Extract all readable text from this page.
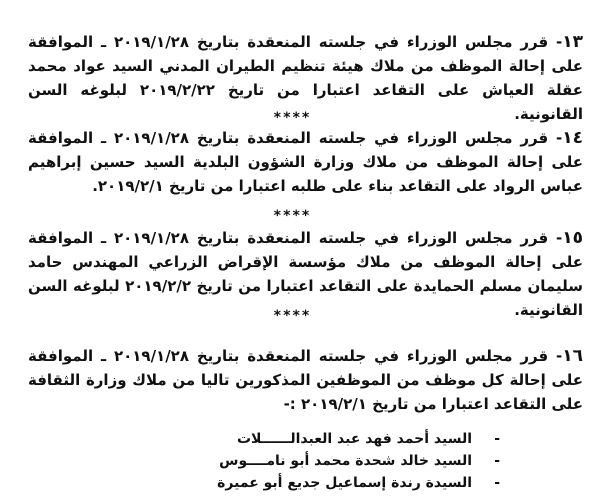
١٣- قرر مجلس الوزراء في جلسته المنعقدة بتاريخ ٢٠١٩/١/٢٨ ـ الموافقة على إحالة الموظف من ملاك هيئة تنظيم الطيران المدني السيد عواد محمد عقلة العياش على التقاعد اعتبارا من تاريخ ٢٠١٩/٢/٢٢ لبلوغه السن القانونية.
****
١٤- قرر مجلس الوزراء في جلسته المنعقدة بتاريخ ٢٠١٩/١/٢٨ ـ الموافقة على إحالة الموظف من ملاك وزارة الشؤون البلدية السيد حسين إبراهيم عباس الرواد على التقاعد بناء على طلبه اعتبارا من تاريخ ٢٠١٩/٢/١.
****
١٥- قرر مجلس الوزراء في جلسته المنعقدة بتاريخ ٢٠١٩/١/٢٨ ـ الموافقة على إحالة الموظف من ملاك مؤسسة الإقراض الزراعي المهندس حامد سليمان مسلم الحمايدة على التقاعد اعتبارا من تاريخ ٢٠١٩/٢/٢ لبلوغه السن القانونية.
****
١٦- قرر مجلس الوزراء في جلسته المنعقدة بتاريخ ٢٠١٩/١/٢٨ ـ الموافقة على إحالة كل موظف من الموظفين المذكورين تاليا من ملاك وزارة الثقافة على التقاعد اعتبارا من تاريخ ٢٠١٩/٢/١ :-
-السيد أحمد فهد عبد العبدالــــــلات
-السيد خالد شحدة محمد أبو نامــــوس
-السيدة رندة إسماعيل جديع أبو عميرة
